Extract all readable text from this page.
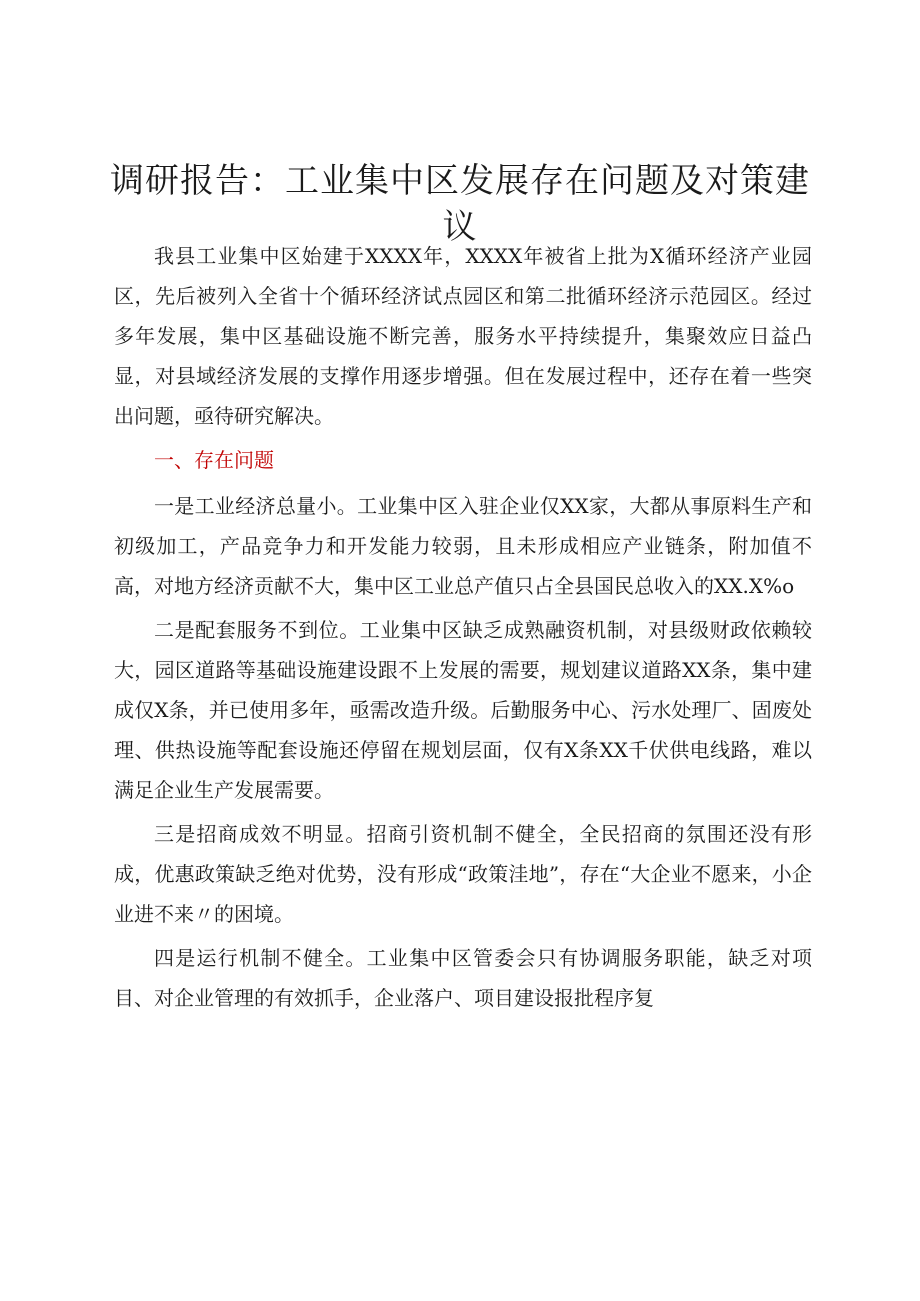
调研报告：工业集中区发展存在问题及对策建议

我县工业集中区始建于XXXX年，XXXX年被省上批为X循环经济产业园区，先后被列入全省十个循环经济试点园区和第二批循环经济示范园区。经过多年发展，集中区基础设施不断完善，服务水平持续提升，集聚效应日益凸显，对县域经济发展的支撑作用逐步增强。但在发展过程中，还存在着一些突出问题，亟待研究解决。

一、存在问题

一是工业经济总量小。工业集中区入驻企业仅XX家，大都从事原料生产和初级加工，产品竞争力和开发能力较弱，且未形成相应产业链条，附加值不高，对地方经济贡献不大，集中区工业总产值只占全县国民总收入的XX.X%o

二是配套服务不到位。工业集中区缺乏成熟融资机制，对县级财政依赖较大，园区道路等基础设施建设跟不上发展的需要，规划建议道路XX条，集中建成仅X条，并已使用多年，亟需改造升级。后勤服务中心、污水处理厂、固废处理、供热设施等配套设施还停留在规划层面，仅有X条XX千伏供电线路，难以满足企业生产发展需要。

三是招商成效不明显。招商引资机制不健全，全民招商的氛围还没有形成，优惠政策缺乏绝对优势，没有形成“政策洼地”，存在“大企业不愿来，小企业进不来〃的困境。

四是运行机制不健全。工业集中区管委会只有协调服务职能，缺乏对项目、对企业管理的有效抓手，企业落户、项目建设报批程序复
